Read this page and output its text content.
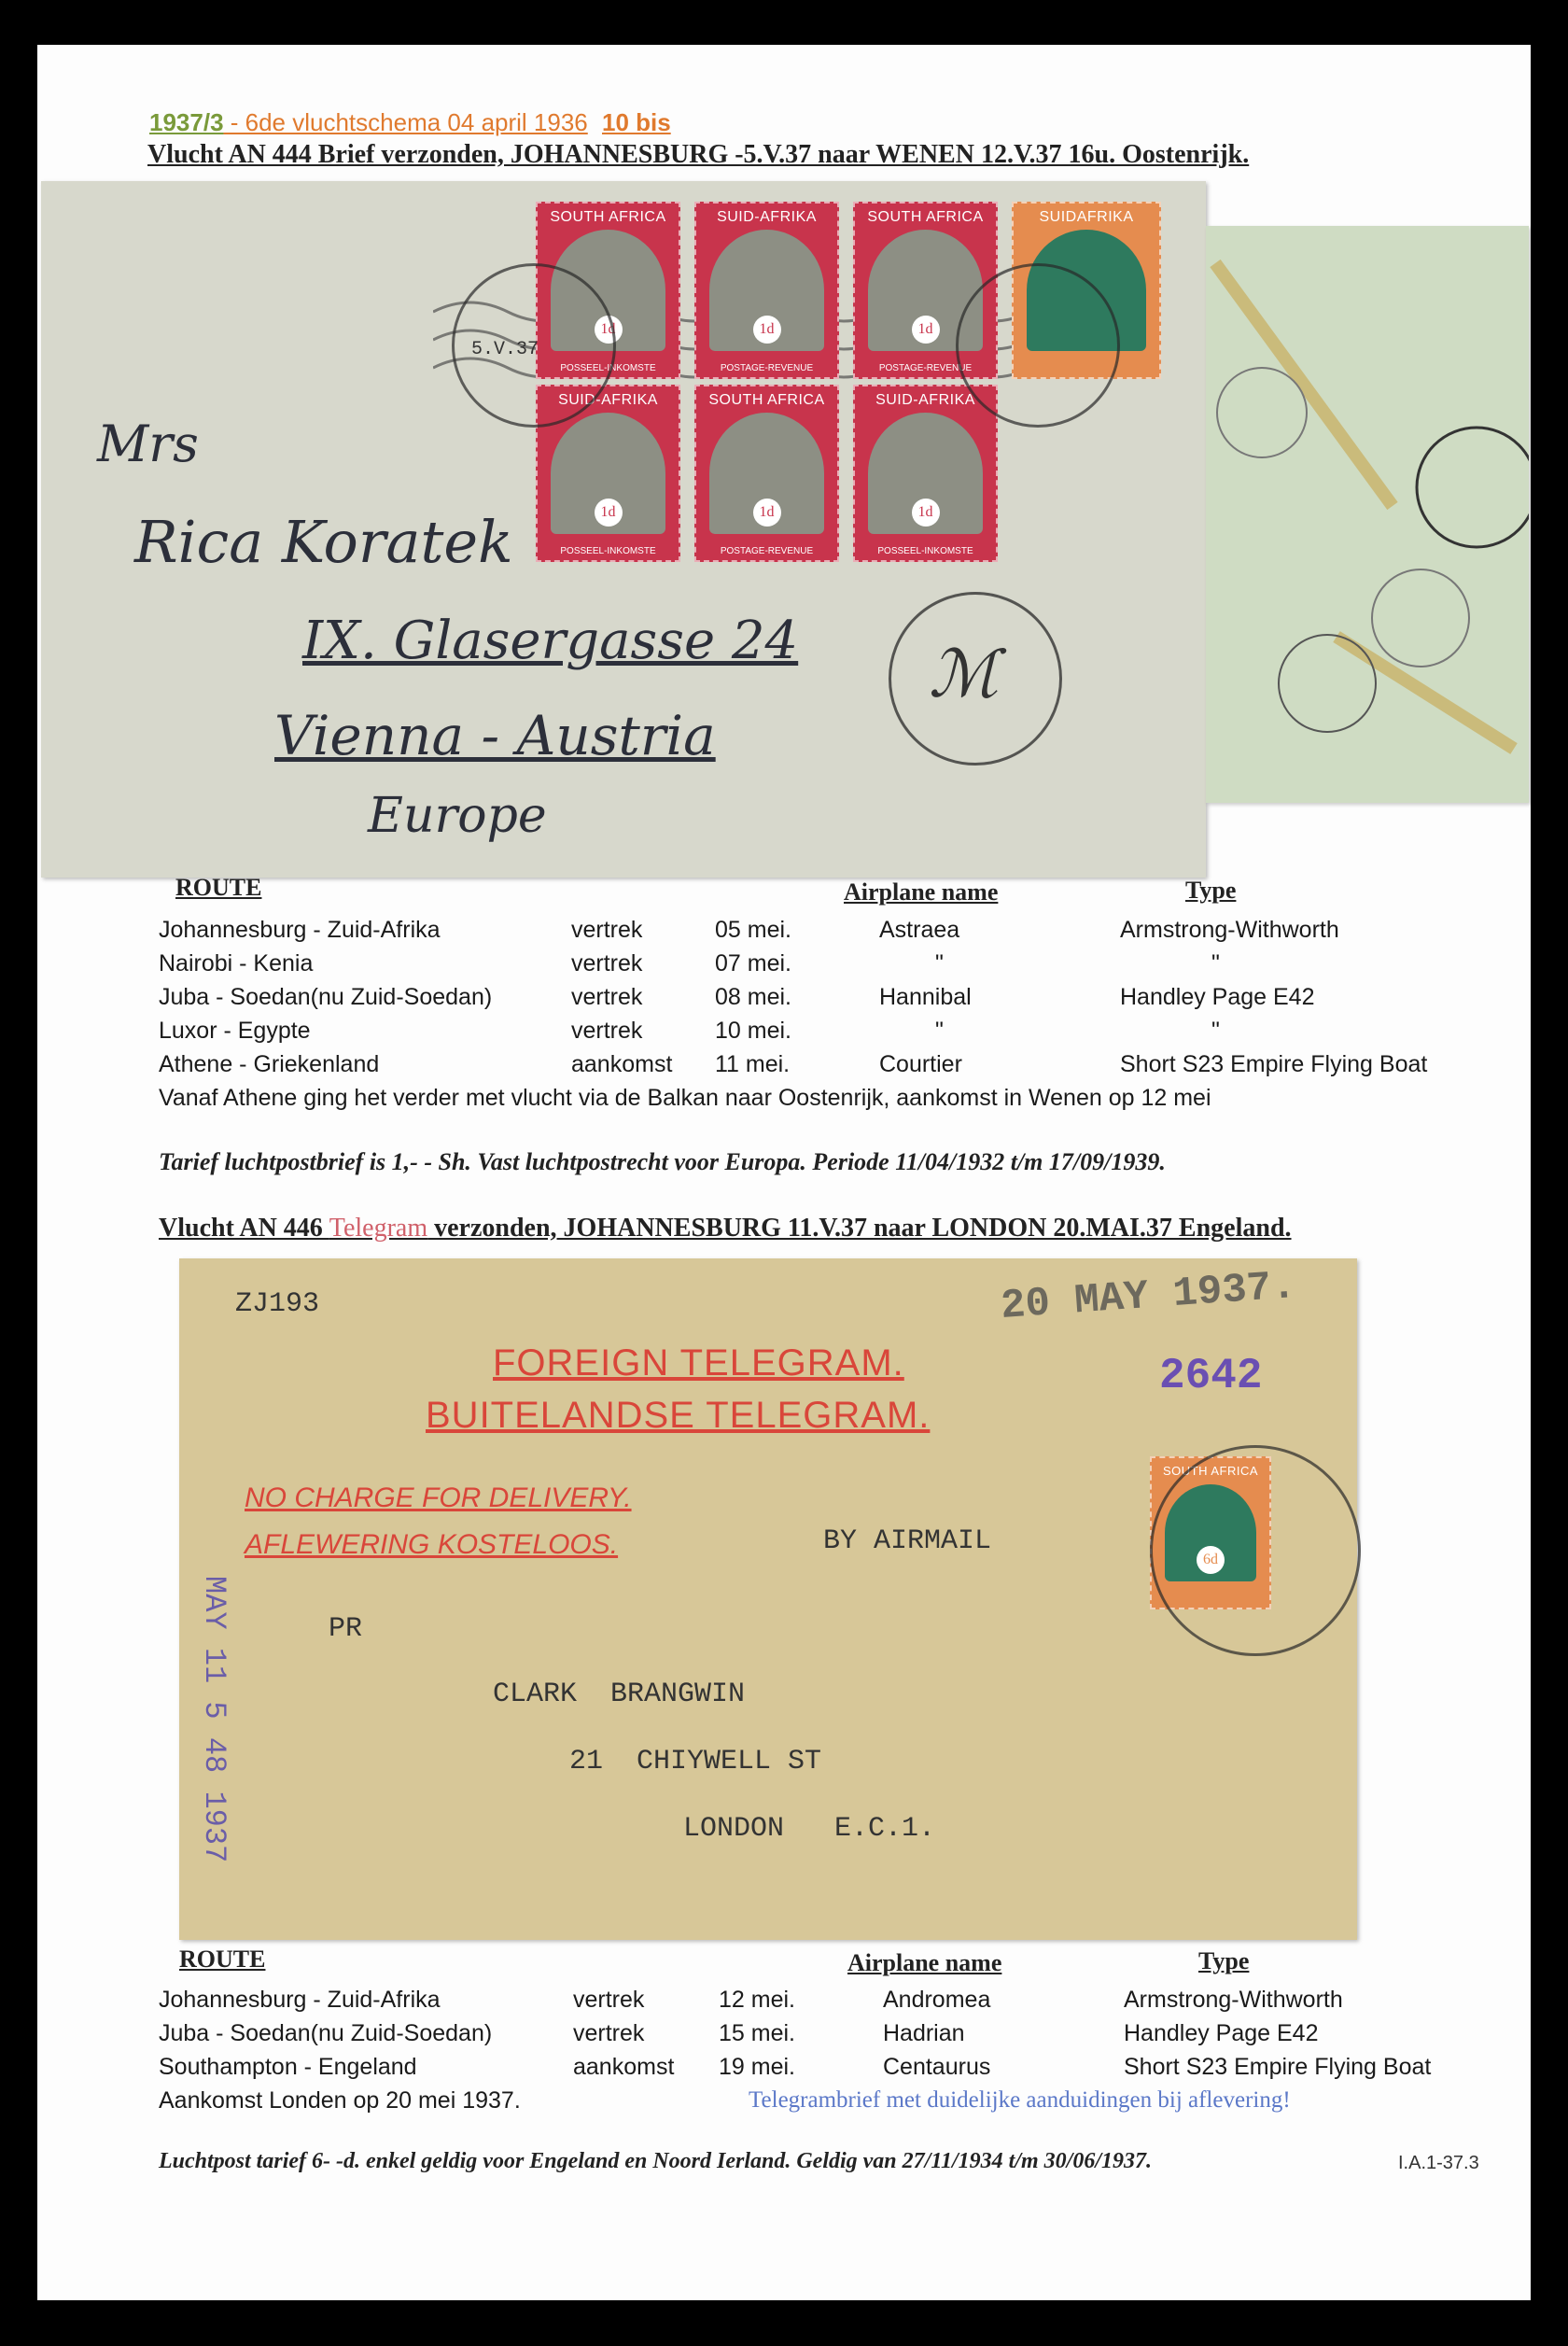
1937/3 - 6de vluchtschema 04 april 1936 10 bis
Vlucht AN 444 Brief verzonden, JOHANNESBURG -5.V.37 naar WENEN 12.V.37 16u. Oostenrijk.
SOUTH AFRICA
1d
POSSEEL-INKOMSTE
SUID-AFRIKA
1d
POSTAGE-REVENUE
SOUTH AFRICA
1d
POSTAGE-REVENUE
SUIDAFRIKA
SUID-AFRIKA
1d
POSSEEL-INKOMSTE
SOUTH AFRICA
1d
POSTAGE-REVENUE
SUID-AFRIKA
1d
POSSEEL-INKOMSTE
5.V.37
ℳ
Mrs
Rica Koratek
IX. Glasergasse 24
Vienna - Austria
Europe
ROUTE	Airplane name	Type
Johannesburg - Zuid-Afrika	vertrek	05 mei.	Astraea	Armstrong-Withworth
Nairobi - Kenia	vertrek	07 mei.	"	"
Juba - Soedan(nu Zuid-Soedan)	vertrek	08 mei.	Hannibal	Handley Page E42
Luxor - Egypte	vertrek	10 mei.	"	"
Athene - Griekenland	aankomst 11 mei.	Courtier	Short S23 Empire Flying Boat
Vanaf Athene ging het verder met vlucht via de Balkan naar Oostenrijk, aankomst in Wenen op 12 mei
Tarief luchtpostbrief is 1,- - Sh. Vast luchtpostrecht voor Europa. Periode 11/04/1932 t/m 17/09/1939.
Vlucht AN 446 Telegram verzonden, JOHANNESBURG 11.V.37 naar LONDON 20.MAI.37 Engeland.
ZJ193	20 MAY 1937.
2642
FOREIGN TELEGRAM.
BUITELANDSE TELEGRAM.
NO CHARGE FOR DELIVERY.
AFLEWERING KOSTELOOS.	BY AIRMAIL
SOUTH AFRICA
6d
MAY 11 5 48 1937	PR
CLARK  BRANGWIN
21  CHIYWELL ST
LONDON   E.C.1.
ROUTE	Airplane name	Type
Johannesburg - Zuid-Afrika	vertrek	12 mei.	Andromea	Armstrong-Withworth
Juba - Soedan(nu Zuid-Soedan)	vertrek	15 mei.	Hadrian	Handley Page E42
Southampton - Engeland	aankomst 19 mei.	Centaurus	Short S23 Empire Flying Boat
Aankomst Londen op 20 mei 1937.	Telegrambrief met duidelijke aanduidingen bij aflevering!
Luchtpost tarief 6- -d. enkel geldig voor Engeland en Noord Ierland. Geldig van 27/11/1934 t/m 30/06/1937.	I.A.1-37.3
